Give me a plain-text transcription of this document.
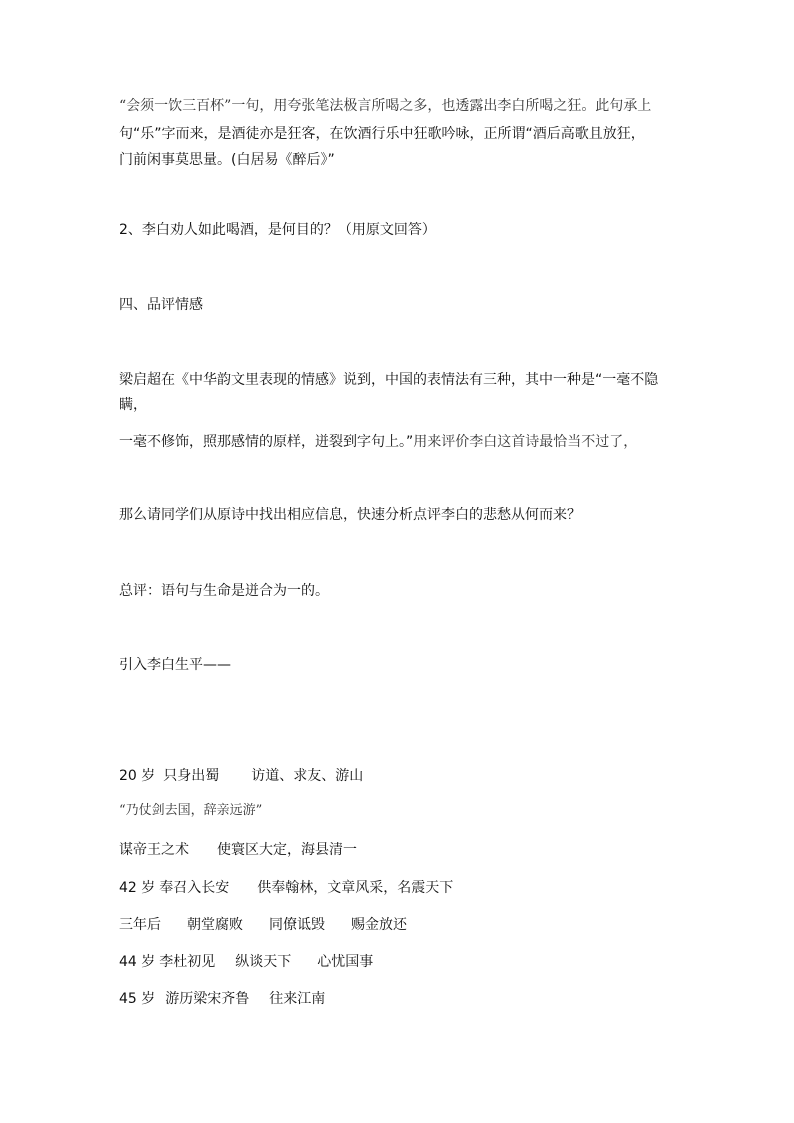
“会须一饮三百杯”一句，用夸张笔法极言所喝之多，也透露出李白所喝之狂。此句承上
句“乐”字而来，是酒徒亦是狂客，在饮酒行乐中狂歌吟咏，正所谓“酒后高歌且放狂，
门前闲事莫思量。(白居易《醉后》”
2、李白劝人如此喝酒，是何目的？（用原文回答）
四、品评情感
梁启超在《中华韵文里表现的情感》说到，中国的表情法有三种，其中一种是“一毫不隐
瞒，
一毫不修饰，照那感情的原样，迸裂到字句上。”用来评价李白这首诗最恰当不过了，
那么请同学们从原诗中找出相应信息，快速分析点评李白的悲愁从何而来？
总评：语句与生命是迸合为一的。
引入李白生平——
20 岁 只身出蜀 访道、求友、游山
“乃仗剑去国，辞亲远游”
谋帝王之术 使寰区大定，海县清一
42 岁 奉召入长安 供奉翰林，文章风采，名震天下
三年后 朝堂腐败 同僚诋毁 赐金放还
44 岁 李杜初见 纵谈天下 心忧国事
45 岁 游历梁宋齐鲁 往来江南
